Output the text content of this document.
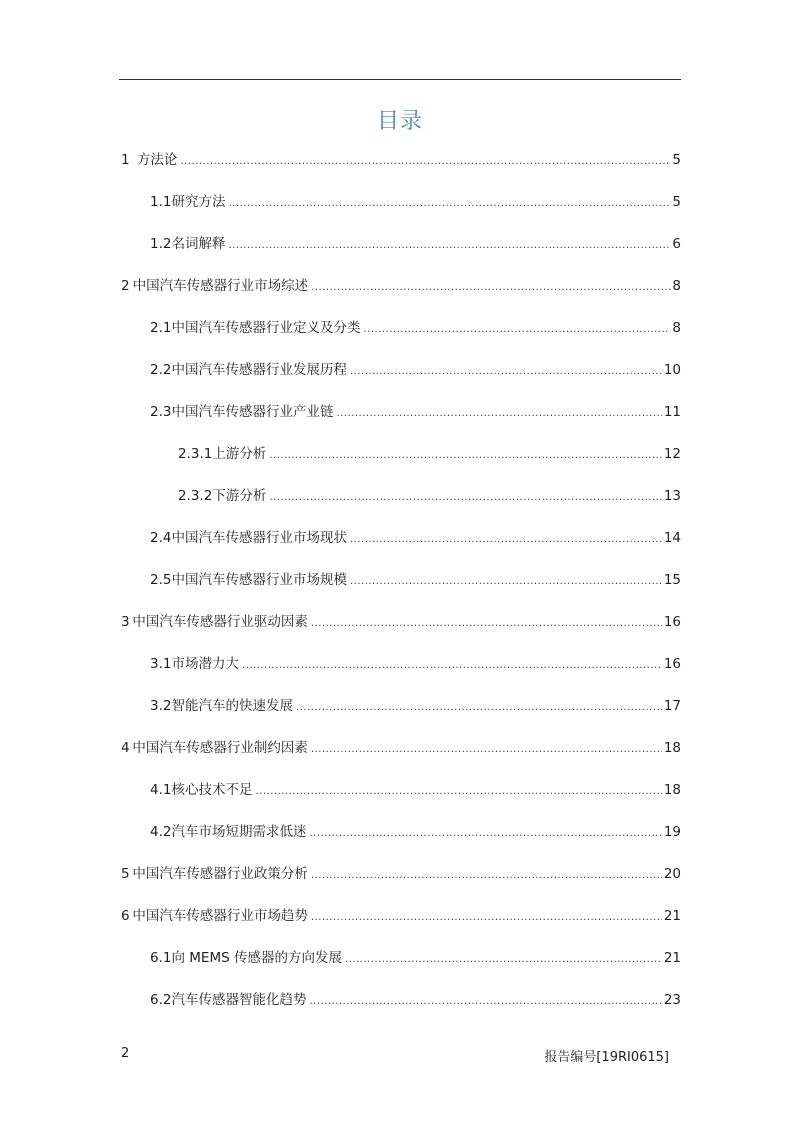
目录
1 方法论 .....	5
1.1 研究方法 .....	5
1.2 名词解释 .....	6
2 中国汽车传感器行业市场综述 .....	8
2.1 中国汽车传感器行业定义及分类 .....	8
2.2 中国汽车传感器行业发展历程 .....	10
2.3 中国汽车传感器行业产业链 .....	11
2.3.1 上游分析 .....	12
2.3.2 下游分析 .....	13
2.4 中国汽车传感器行业市场现状 .....	14
2.5 中国汽车传感器行业市场规模 .....	15
3 中国汽车传感器行业驱动因素 .....	16
3.1 市场潜力大 .....	16
3.2 智能汽车的快速发展 .....	17
4 中国汽车传感器行业制约因素 .....	18
4.1 核心技术不足 .....	18
4.2 汽车市场短期需求低迷 .....	19
5 中国汽车传感器行业政策分析 .....	20
6 中国汽车传感器行业市场趋势 .....	21
6.1 向 MEMS 传感器的方向发展 .....	21
6.2 汽车传感器智能化趋势 .....	23
2	报告编号[19RI0615]
